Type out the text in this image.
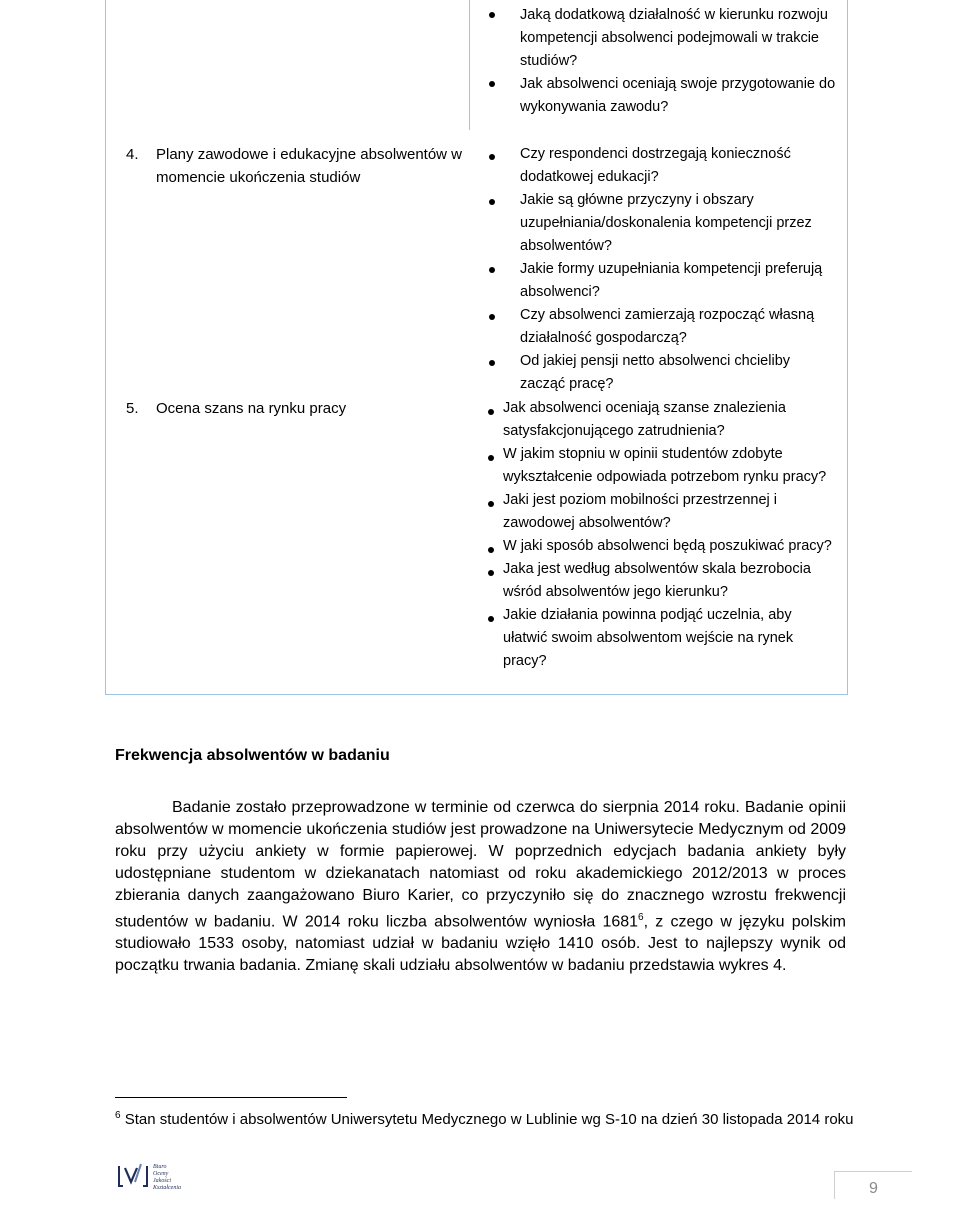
Jaką dodatkową działalność w kierunku rozwoju kompetencji absolwenci podejmowali w trakcie studiów?
Jak absolwenci oceniają swoje przygotowanie do wykonywania zawodu?
4. Plany zawodowe i edukacyjne absolwentów w
momencie ukończenia studiów
Czy respondenci dostrzegają konieczność dodatkowej edukacji?
Jakie są główne przyczyny i obszary uzupełniania/doskonalenia kompetencji przez absolwentów?
Jakie formy uzupełniania kompetencji preferują absolwenci?
Czy absolwenci zamierzają rozpocząć własną działalność gospodarczą?
Od jakiej pensji netto absolwenci chcieliby zacząć pracę?
5. Ocena szans na rynku pracy	Jak absolwenci oceniają szanse znalezienia satysfakcjonującego zatrudnienia?
W jakim stopniu w opinii studentów zdobyte wykształcenie odpowiada potrzebom rynku pracy?
Jaki jest poziom mobilności przestrzennej i zawodowej absolwentów?
W jaki sposób absolwenci będą poszukiwać pracy?
Jaka jest według absolwentów skala bezrobocia wśród absolwentów jego kierunku?
Jakie działania powinna podjąć uczelnia, aby ułatwić swoim absolwentom wejście na rynek pracy?
Frekwencja absolwentów w badaniu
Badanie zostało przeprowadzone w terminie od czerwca do sierpnia 2014 roku. Badanie opinii absolwentów w momencie ukończenia studiów jest prowadzone na Uniwersytecie Medycznym od 2009 roku przy użyciu ankiety w formie papierowej. W poprzednich edycjach badania ankiety były udostępniane studentom w dziekanatach natomiast od roku akademickiego 2012/2013 w proces zbierania danych zaangażowano Biuro Karier, co przyczyniło się do znacznego wzrostu frekwencji studentów w badaniu. W 2014 roku liczba absolwentów wyniosła 1681$^6$, z czego w języku polskim studiowało 1533 osoby, natomiast udział w badaniu wzięło 1410 osób. Jest to najlepszy wynik od początku trwania badania. Zmianę skali udziału absolwentów w badaniu przedstawia wykres 4.
$^6$ Stan studentów i absolwentów Uniwersytetu Medycznego w Lublinie wg S-10 na dzień 30 listopada 2014 roku
Biuro
Oceny
Jakości
Kształcenia	9
